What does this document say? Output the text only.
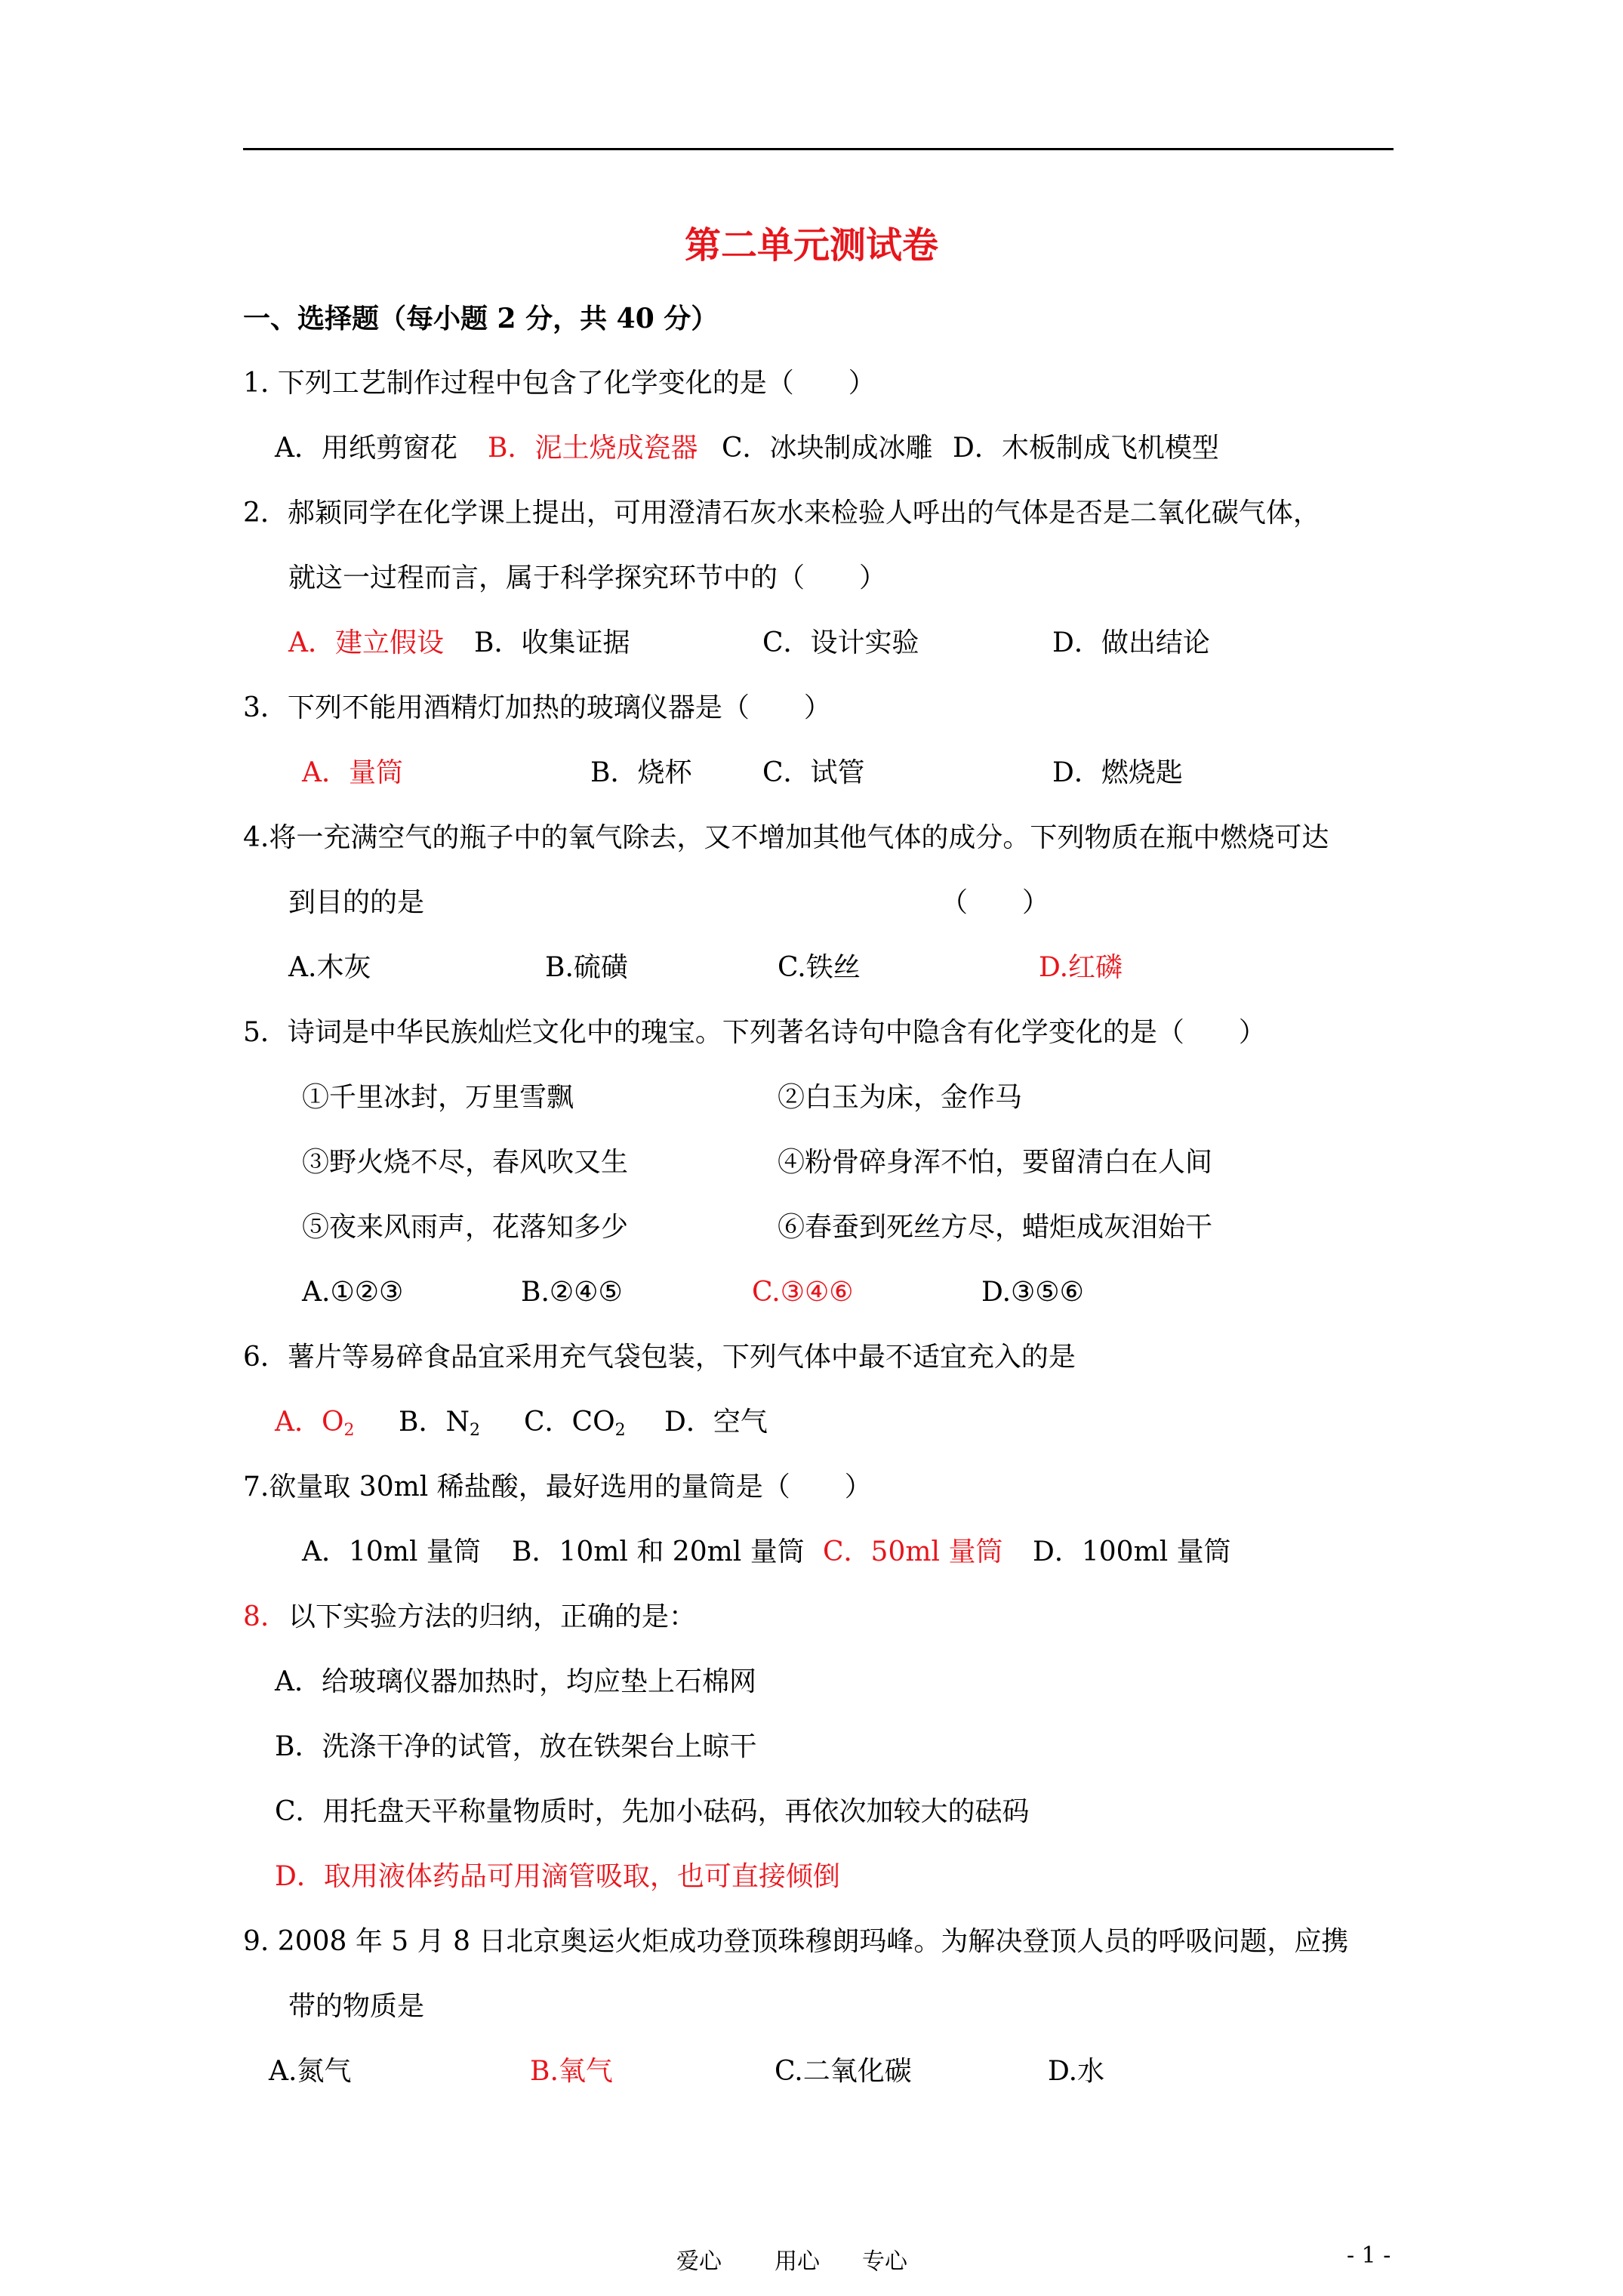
第二单元测试卷
一、选择题（每小题 2 分，共 40 分）
1. 下列工艺制作过程中包含了化学变化的是（　　）
A．用纸剪窗花 B．泥土烧成瓷器 C．冰块制成冰雕 D．木板制成飞机模型
2．郝颖同学在化学课上提出，可用澄清石灰水来检验人呼出的气体是否是二氧化碳气体，
就这一过程而言，属于科学探究环节中的（　　）
A．建立假设 B．收集证据	C．设计实验	D．做出结论
3．下列不能用酒精灯加热的玻璃仪器是（　　）
A．量筒	B．烧杯	C．试管	D．燃烧匙
4.将一充满空气的瓶子中的氧气除去，又不增加其他气体的成分。下列物质在瓶中燃烧可达
到目的的是	（　　）
A.木灰	B.硫磺	C.铁丝	D.红磷
5．诗词是中华民族灿烂文化中的瑰宝。下列著名诗句中隐含有化学变化的是（　　）
①千里冰封，万里雪飘	②白玉为床，金作马
③野火烧不尽，春风吹又生	④粉骨碎身浑不怕，要留清白在人间
⑤夜来风雨声，花落知多少	⑥春蚕到死丝方尽，蜡炬成灰泪始干
A.①②③	B.②④⑤	C.③④⑥	D.③⑤⑥
6．薯片等易碎食品宜采用充气袋包装，下列气体中最不适宜充入的是
A．$O_2$ B．$N_2$ C．$CO_2$ D．空气
7.欲量取 30ml 稀盐酸，最好选用的量筒是（　　）
A．10ml 量筒 B．10ml 和 20ml 量筒 C．50ml 量筒 D．100ml 量筒
8. 以下实验方法的归纳，正确的是：
A．给玻璃仪器加热时，均应垫上石棉网
B．洗涤干净的试管，放在铁架台上晾干
C．用托盘天平称量物质时，先加小砝码，再依次加较大的砝码
D．取用液体药品可用滴管吸取，也可直接倾倒
9. 2008 年 5 月 8 日北京奥运火炬成功登顶珠穆朗玛峰。为解决登顶人员的呼吸问题，应携
带的物质是
A.氮气	B.氧气	C.二氧化碳	D.水
爱心 用心 专心	- 1 -
